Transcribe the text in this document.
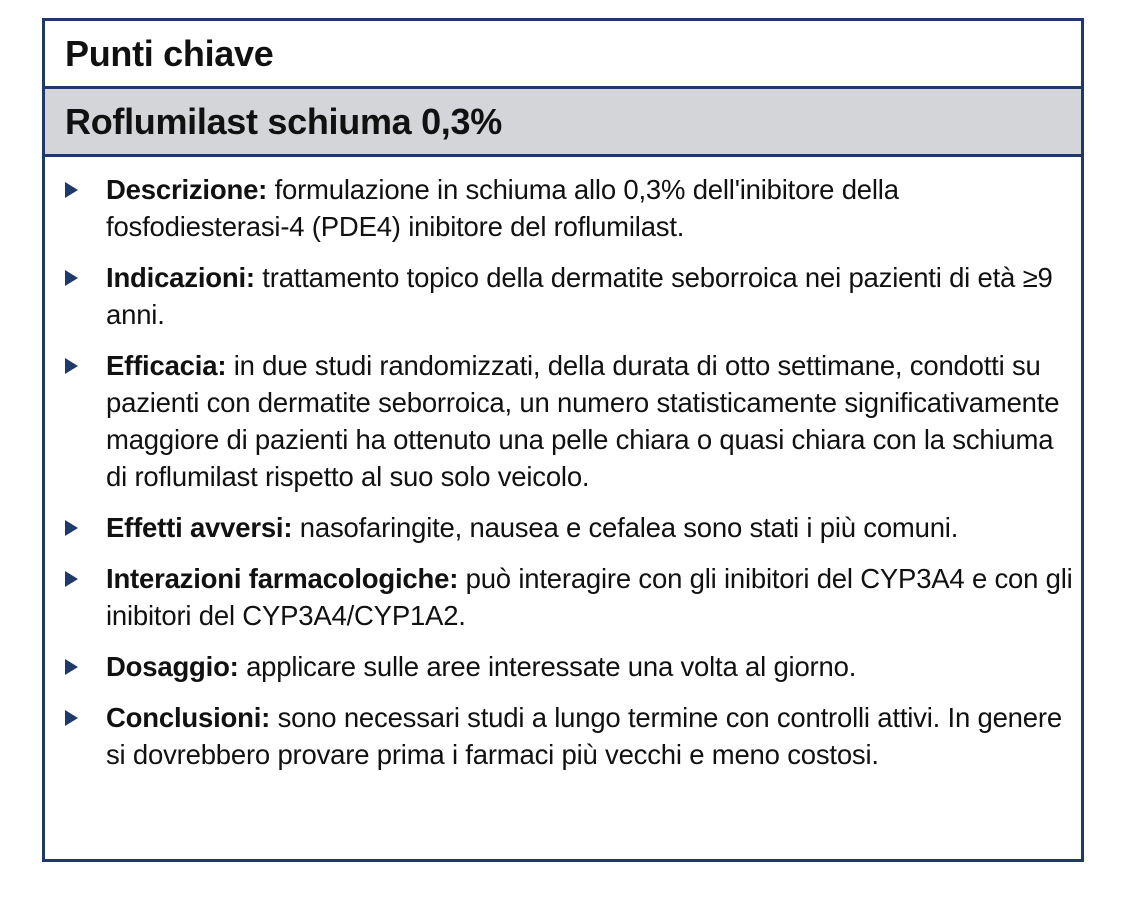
Punti chiave
Roflumilast schiuma 0,3%
Descrizione: formulazione in schiuma allo 0,3% dell'inibitore della fosfodiesterasi-4 (PDE4) inibitore del roflumilast.
Indicazioni: trattamento topico della dermatite seborroica nei pazienti di età ≥9 anni.
Efficacia: in due studi randomizzati, della durata di otto settimane, condotti su pazienti con dermatite seborroica, un numero statisticamente significativamente maggiore di pazienti ha ottenuto una pelle chiara o quasi chiara con la schiuma di roflumilast rispetto al suo solo veicolo.
Effetti avversi: nasofaringite, nausea e cefalea sono stati i più comuni.
Interazioni farmacologiche: può interagire con gli inibitori del CYP3A4 e con gli inibitori del CYP3A4/CYP1A2.
Dosaggio: applicare sulle aree interessate una volta al giorno.
Conclusioni: sono necessari studi a lungo termine con controlli attivi. In genere si dovrebbero provare prima i farmaci più vecchi e meno costosi.
